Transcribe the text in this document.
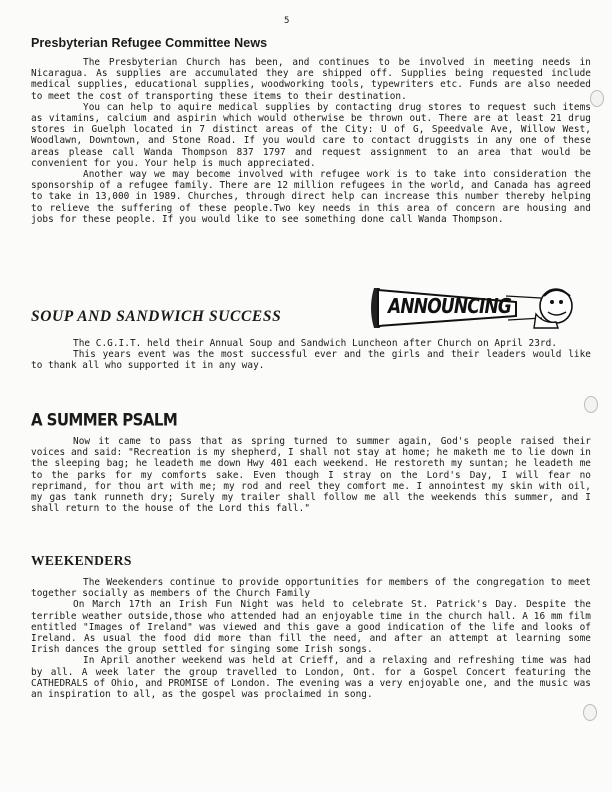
5
Presbyterian Refugee Committee News

The Presbyterian Church has been, and continues to be involved in meeting needs in Nicaragua. As supplies are accumulated they are shipped off. Supplies being requested include medical supplies, educational supplies, woodworking tools, typewriters etc. Funds are also needed to meet the cost of transporting these items to their destination.

You can help to aquire medical supplies by contacting drug stores to request such items as vitamins, calcium and aspirin which would otherwise be thrown out. There are at least 21 drug stores in Guelph located in 7 distinct areas of the City: U of G, Speedvale Ave, Willow West, Woodlawn, Downtown, and Stone Road. If you would care to contact druggists in any one of these areas please call Wanda Thompson 837 1797 and request assignment to an area that would be convenient for you. Your help is much appreciated.

Another way we may become involved with refugee work is to take into consideration the sponsorship of a refugee family. There are 12 million refugees in the world, and Canada has agreed to take in 13,000 in 1989. Churches, through direct help can increase this number thereby helping to relieve the suffering of these people.Two key needs in this area of concern are housing and jobs for these people. If you would like to see something done call Wanda Thompson.

ANNOUNCING
SOUP AND SANDWICH SUCCESS

The C.G.I.T. held their Annual Soup and Sandwich Luncheon after Church on April 23rd.

This years event was the most successful ever and the girls and their leaders would like to thank all who supported it in any way.

A SUMMER PSALM

Now it came to pass that as spring turned to summer again, God's people raised their voices and said: "Recreation is my shepherd, I shall not stay at home; he maketh me to lie down in the sleeping bag; he leadeth me down Hwy 401 each weekend. He restoreth my suntan; he leadeth me to the parks for my comforts sake. Even though I stray on the Lord's Day, I will fear no reprimand, for thou art with me; my rod and reel they comfort me. I annointest my skin with oil, my gas tank runneth dry; Surely my trailer shall follow me all the weekends this summer, and I shall return to the house of the Lord this fall."

WEEKENDERS

The Weekenders continue to provide opportunities for members of the congregation to meet together socially as members of the Church Family

On March 17th an Irish Fun Night was held to celebrate St. Patrick's Day. Despite the terrible weather outside,those who attended had an enjoyable time in the church hall. A 16 mm film entitled "Images of Ireland" was viewed and this gave a good indication of the life and looks of Ireland. As usual the food did more than fill the need, and after an attempt at learning some Irish dances the group settled for singing some Irish songs.

In April another weekend was held at Crieff, and a relaxing and refreshing time was had by all. A week later the group travelled to London, Ont. for a Gospel Concert featuring the CATHEDRALS of Ohio, and PROMISE of London. The evening was a very enjoyable one, and the music was an inspiration to all, as the gospel was proclaimed in song.
